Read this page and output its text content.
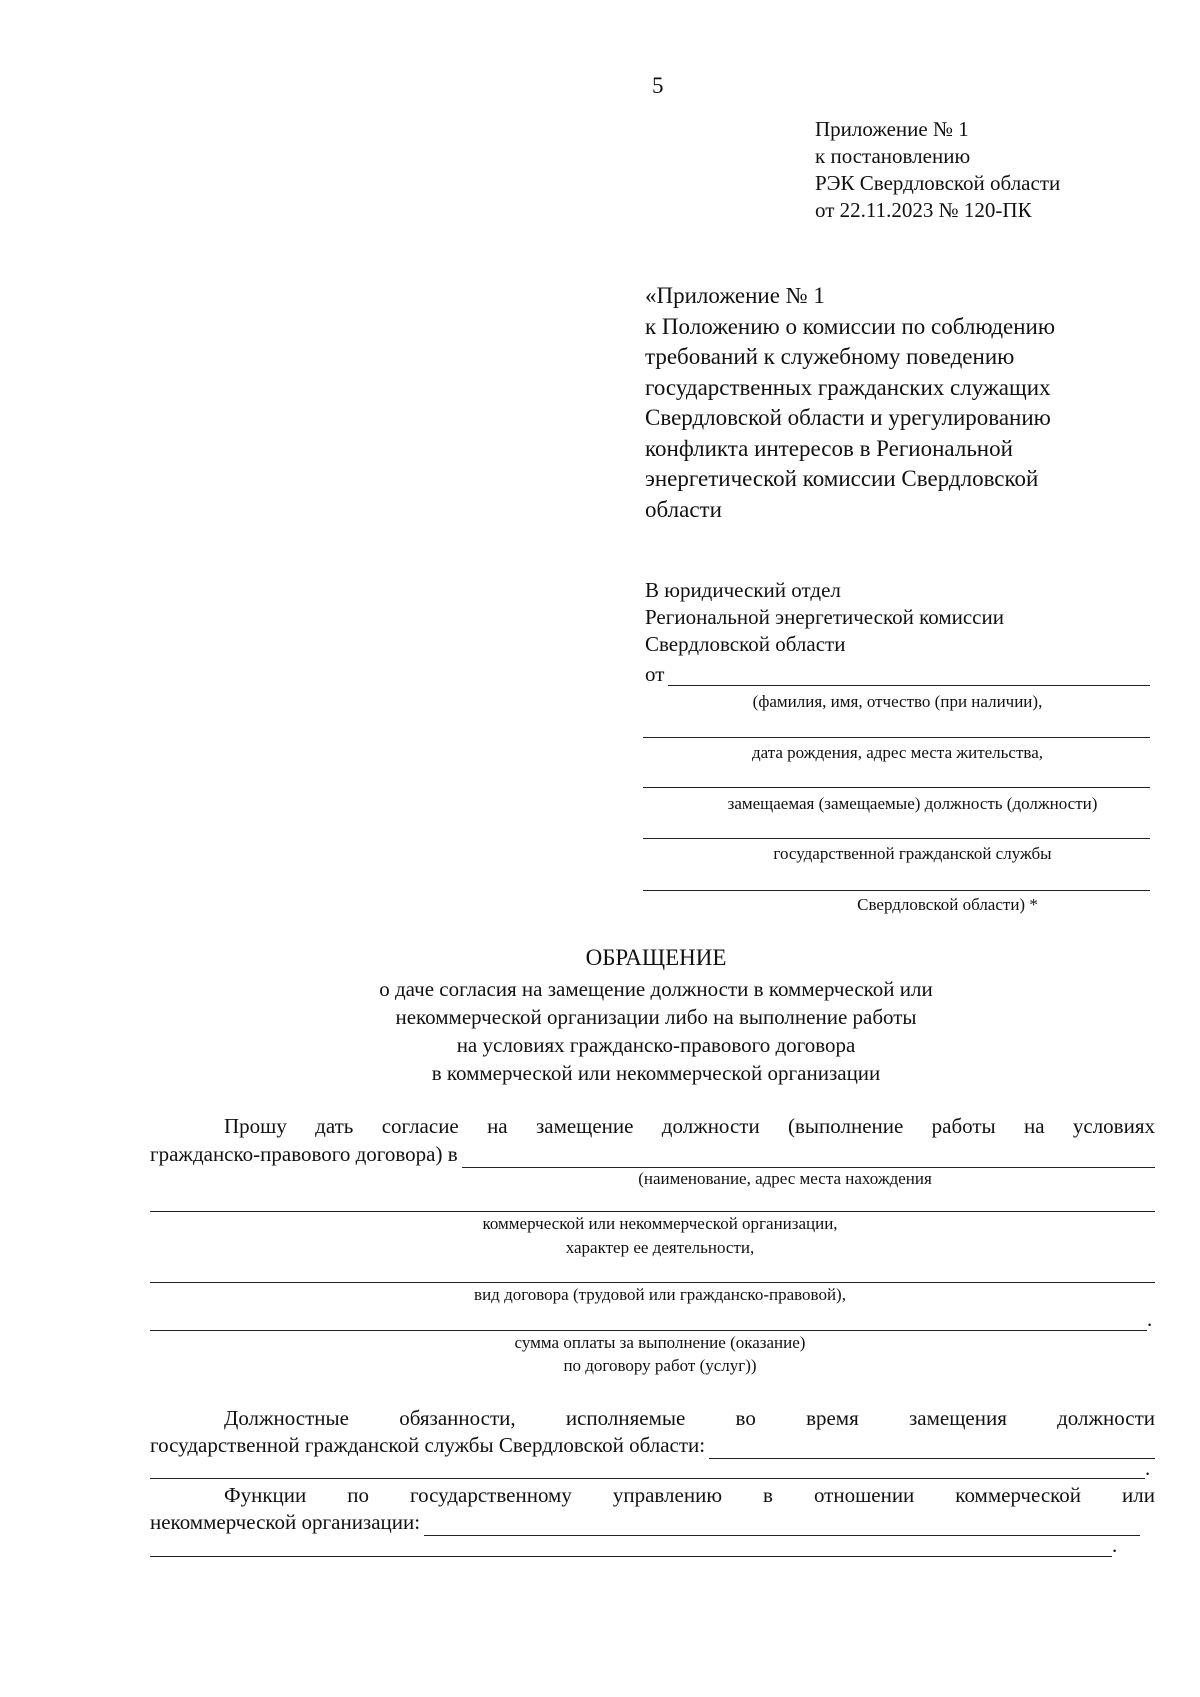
5
Приложение № 1
к постановлению
РЭК Свердловской области
от 22.11.2023 № 120-ПК
«Приложение № 1
к Положению о комиссии по соблюдению
требований к служебному поведению
государственных гражданских служащих
Свердловской области и урегулированию
конфликта интересов в Региональной
энергетической комиссии Свердловской
области
В юридический отдел
Региональной энергетической комиссии
Свердловской области
от
(фамилия, имя, отчество (при наличии),
дата рождения, адрес места жительства,
замещаемая (замещаемые) должность (должности)
государственной гражданской службы
Свердловской области) *
ОБРАЩЕНИЕ
о даче согласия на замещение должности в коммерческой или
некоммерческой организации либо на выполнение работы
на условиях гражданско-правового договора
в коммерческой или некоммерческой организации
Прошу дать согласие на замещение должности (выполнение работы на условиях
гражданско-правового договора) в
(наименование, адрес места нахождения
коммерческой или некоммерческой организации,
характер ее деятельности,
вид договора (трудовой или гражданско-правовой),
.
сумма оплаты за выполнение (оказание)
по договору работ (услуг))
Должностные обязанности, исполняемые во время замещения должности
государственной гражданской службы Свердловской области:
.
Функции по государственному управлению в отношении коммерческой или
некоммерческой организации:
.
